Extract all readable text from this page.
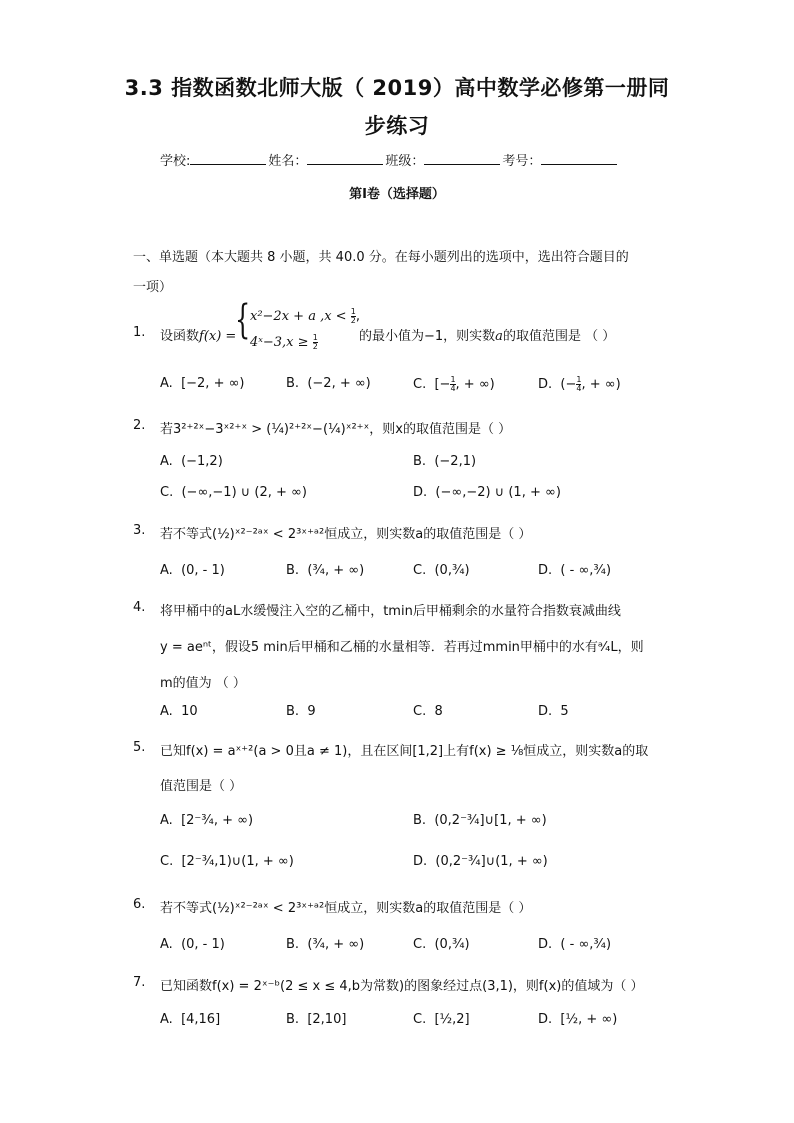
3.3 指数函数北师大版（ 2019）高中数学必修第一册同
步练习
学校:	姓名：	班级：	考号：
第I卷（选择题）
一、单选题（本大题共 8 小题，共 40.0 分。在每小题列出的选项中，选出符合题目的
一项）
1. 设函数f(x) =
{ x²−2x + a $,x < \frac{1}{2}$ ,
4ˣ−3,x ≥ $\frac{1}{2}$	的最小值为−1，则实数a的取值范围是 （ ）
A. [−2, + ∞)	B. (−2, + ∞)	C. [− $\frac{1}{4}$ , + ∞)	D. (− $\frac{1}{4}$ , + ∞)
2. 若3²⁺²ˣ−3ˣ²⁺ˣ > (¼)²⁺²ˣ−(¼)ˣ²⁺ˣ，则x的取值范围是（ ）
A. (−1,2)	B. (−2,1)
C. (−∞,−1) ∪ (2, + ∞)	D. (−∞,−2) ∪ (1, + ∞)
3. 若不等式(½)ˣ²⁻²ᵃˣ < 2³ˣ⁺ᵃ²恒成立，则实数a的取值范围是（ ）
A. (0, - 1)	B. (¾, + ∞)	C. (0,¾)	D. ( - ∞,¾)
4. 将甲桶中的aL水缓慢注入空的乙桶中，tmin后甲桶剩余的水量符合指数衰减曲线
y = aeⁿᵗ，假设5 min后甲桶和乙桶的水量相等．若再过mmin甲桶中的水有ᵃ⁄₄L，则
m的值为 （ ）
A. 10	B. 9	C. 8	D. 5
5. 已知f(x) = aˣ⁺²(a > 0且a ≠ 1)，且在区间[1,2]上有f(x) ≥ ⅛恒成立，则实数a的取
值范围是（ ）
A. [2⁻¾, + ∞)	B. (0,2⁻¾]∪[1, + ∞)
C. [2⁻¾,1)∪(1, + ∞)	D. (0,2⁻¾]∪(1, + ∞)
6. 若不等式(½)ˣ²⁻²ᵃˣ < 2³ˣ⁺ᵃ²恒成立，则实数a的取值范围是（ ）
A. (0, - 1)	B. (¾, + ∞)	C. (0,¾)	D. ( - ∞,¾)
7. 已知函数f(x) = 2ˣ⁻ᵇ(2 ≤ x ≤ 4,b为常数)的图象经过点(3,1)，则f(x)的值域为（ ）
A. [4,16]	B. [2,10]	C. [½,2]	D. [½, + ∞)
